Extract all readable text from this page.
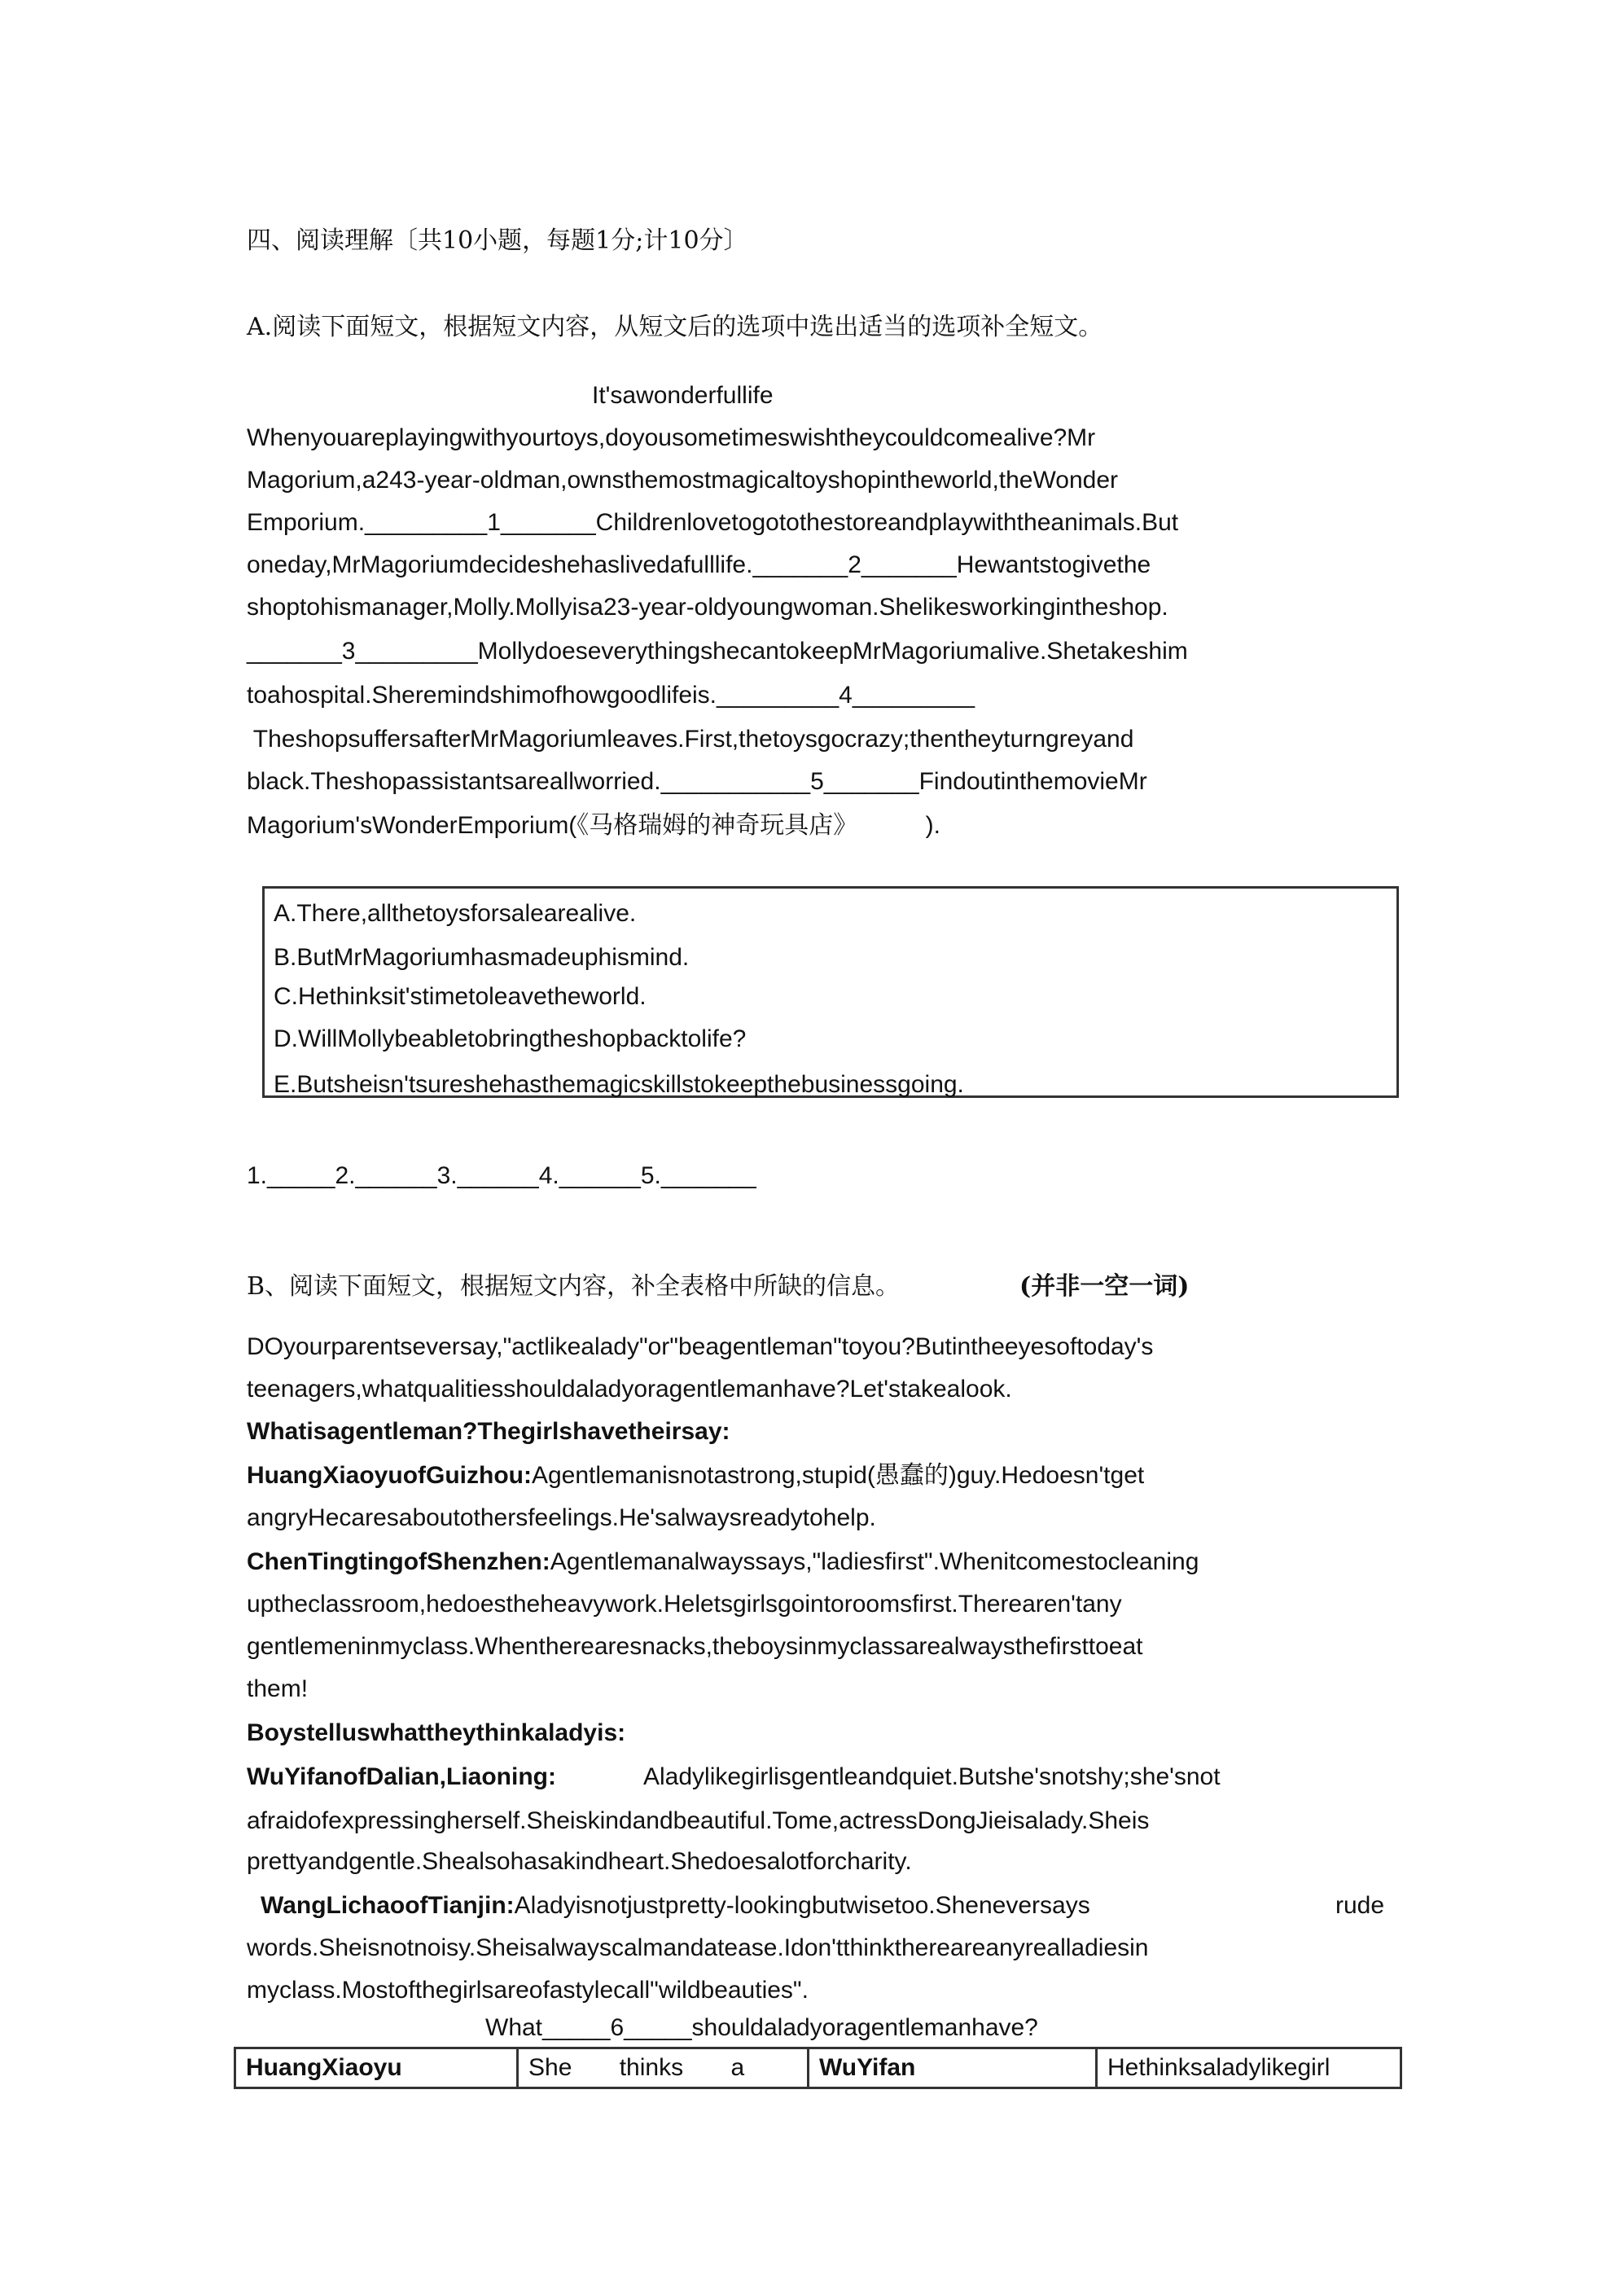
四、阅读理解〔共10小题，每题1分;计10分〕
A.阅读下面短文，根据短文内容，从短文后的选项中选出适当的选项补全短文。
It'sawonderfullife
Whenyouareplayingwithyourtoys,doyousometimeswishtheycouldcomealive?Mr
Magorium,a243-year-oldman,ownsthemostmagicaltoyshopintheworld,theWonder
Emporium._________1_______Childrenlovetogotothestoreandplaywiththeanimals.But
oneday,MrMagoriumdecideshehaslivedafulllife._______2_______Hewantstogivethe
shoptohismanager,Molly.Mollyisa23-year-oldyoungwoman.Shelikesworkingintheshop.
_______3_________MollydoeseverythingshecantokeepMrMagoriumalive.Shetakeshim
toahospital.Sheremindshimofhowgoodlifeis._________4_________
TheshopsuffersafterMrMagoriumleaves.First,thetoysgocrazy;thentheyturngreyand
black.Theshopassistantsareallworried.___________5_______FindoutinthemovieMr
Magorium'sWonderEmporium(《马格瑞姆的神奇玩具店》          ).
A.There,allthetoysforsalearealive.
B.ButMrMagoriumhasmadeuphismind.
C.Hethinksit'stimetoleavetheworld.
D.WillMollybeabletobringtheshopbacktolife?
E.Butsheisn'tsureshehasthemagicskillstokeepthebusinessgoing.
1._____2.______3.______4.______5._______
B、阅读下面短文，根据短文内容，补全表格中所缺的信息。	(并非一空一词)
DOyourparentseversay,"actlikealady"or"beagentleman"toyou?Butintheeyesoftoday's
teenagers,whatqualitiesshouldaladyoragentlemanhave?Let'stakealook.
Whatisagentleman?Thegirlshavetheirsay:
HuangXiaoyuofGuizhou:Agentlemanisnotastrong,stupid(愚蠢的)guy.Hedoesn'tget
angryHecaresaboutothersfeelings.He'salwaysreadytohelp.
ChenTingtingofShenzhen:Agentlemanalwayssays,"ladiesfirst".Whenitcomestocleaning
uptheclassroom,hedoestheheavywork.Heletsgirlsgointoroomsfirst.Therearen'tany
gentlemeninmyclass.Whentherearesnacks,theboysinmyclassarealwaysthefirsttoeat
them!
Boystelluswhattheythinkaladyis:
WuYifanofDalian,Liaoning:	Aladylikegirlisgentleandquiet.Butshe'snotshy;she'snot
afraidofexpressingherself.Sheiskindandbeautiful.Tome,actressDongJieisalady.Sheis
prettyandgentle.Shealsohasakindheart.Shedoesalotforcharity.
WangLichaoofTianjin:Aladyisnotjustpretty-lookingbutwisetoo.Sheneversays	rude
words.Sheisnotnoisy.Sheisalwayscalmandatease.Idon'tthinkthereareanyrealladiesin
myclass.Mostofthegirlsareofastylecall"wildbeauties".
What_____6_____shouldaladyoragentlemanhave?
HuangXiaoyu	She       thinks       a	WuYifan	Hethinksaladylikegirl
